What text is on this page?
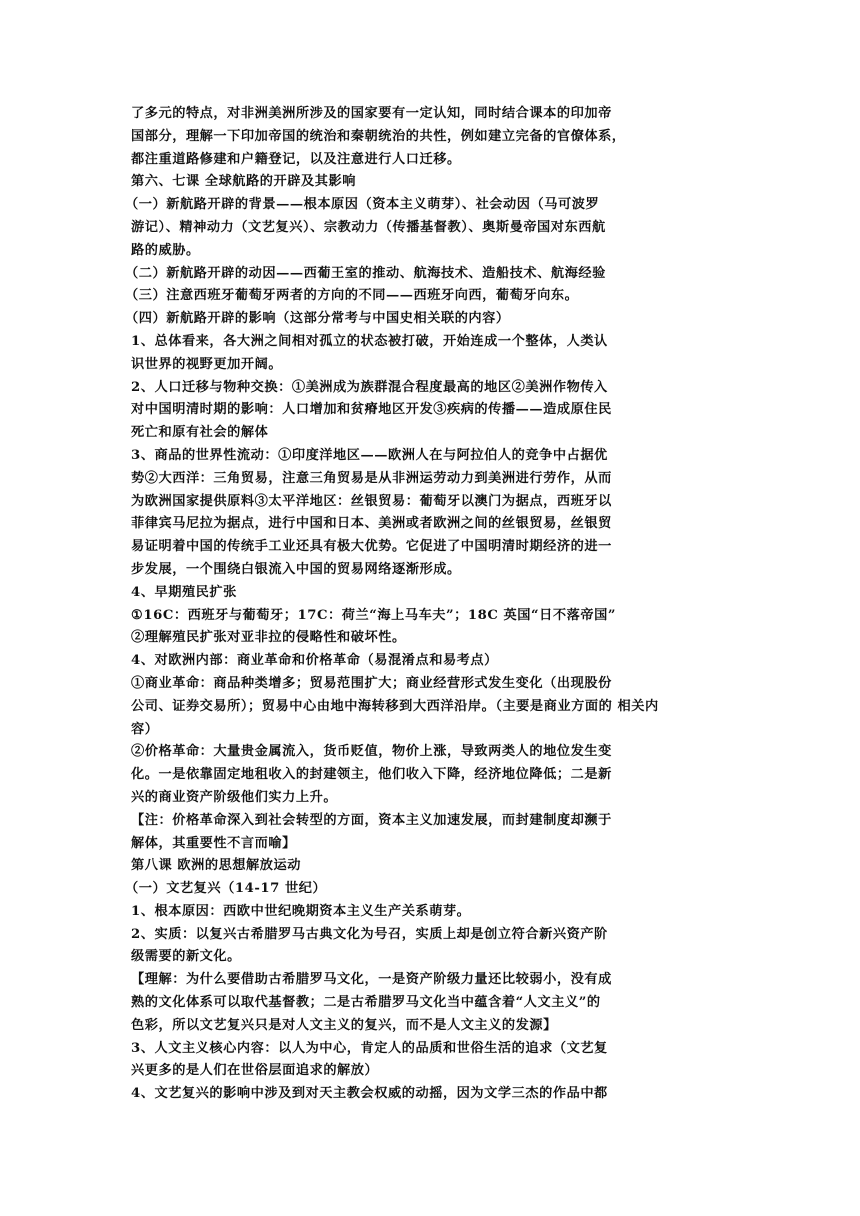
了多元的特点，对非洲美洲所涉及的国家要有一定认知，同时结合课本的印加帝
国部分，理解一下印加帝国的统治和秦朝统治的共性，例如建立完备的官僚体系，
都注重道路修建和户籍登记，以及注意进行人口迁移。
第六、七课 全球航路的开辟及其影响
（一）新航路开辟的背景——根本原因（资本主义萌芽）、社会动因（马可波罗
游记）、精神动力（文艺复兴）、宗教动力（传播基督教）、奥斯曼帝国对东西航
路的威胁。
（二）新航路开辟的动因——西葡王室的推动、航海技术、造船技术、航海经验
（三）注意西班牙葡萄牙两者的方向的不同——西班牙向西，葡萄牙向东。
（四）新航路开辟的影响（这部分常考与中国史相关联的内容）
1、总体看来，各大洲之间相对孤立的状态被打破，开始连成一个整体，人类认
识世界的视野更加开阔。
2、人口迁移与物种交换：①美洲成为族群混合程度最高的地区②美洲作物传入
对中国明清时期的影响：人口增加和贫瘠地区开发③疾病的传播——造成原住民
死亡和原有社会的解体
3、商品的世界性流动：①印度洋地区——欧洲人在与阿拉伯人的竞争中占据优
势②大西洋：三角贸易，注意三角贸易是从非洲运劳动力到美洲进行劳作，从而
为欧洲国家提供原料③太平洋地区：丝银贸易：葡萄牙以澳门为据点，西班牙以
菲律宾马尼拉为据点，进行中国和日本、美洲或者欧洲之间的丝银贸易，丝银贸
易证明着中国的传统手工业还具有极大优势。它促进了中国明清时期经济的进一
步发展，一个围绕白银流入中国的贸易网络逐渐形成。
4、早期殖民扩张
①16C：西班牙与葡萄牙；17C：荷兰“海上马车夫”；18C 英国“日不落帝国”
②理解殖民扩张对亚非拉的侵略性和破坏性。
4、对欧洲内部：商业革命和价格革命（易混淆点和易考点）
①商业革命：商品种类增多；贸易范围扩大；商业经营形式发生变化（出现股份
公司、证券交易所）；贸易中心由地中海转移到大西洋沿岸。（主要是商业方面的 相关内
容）
②价格革命：大量贵金属流入，货币贬值，物价上涨，导致两类人的地位发生变
化。一是依靠固定地租收入的封建领主，他们收入下降，经济地位降低；二是新
兴的商业资产阶级他们实力上升。
【注：价格革命深入到社会转型的方面，资本主义加速发展，而封建制度却濒于
解体，其重要性不言而喻】
第八课 欧洲的思想解放运动
（一）文艺复兴（14-17 世纪）
1、根本原因：西欧中世纪晚期资本主义生产关系萌芽。
2、实质：以复兴古希腊罗马古典文化为号召，实质上却是创立符合新兴资产阶
级需要的新文化。
【理解：为什么要借助古希腊罗马文化，一是资产阶级力量还比较弱小，没有成
熟的文化体系可以取代基督教；二是古希腊罗马文化当中蕴含着“人文主义”的
色彩，所以文艺复兴只是对人文主义的复兴，而不是人文主义的发源】
3、人文主义核心内容：以人为中心，肯定人的品质和世俗生活的追求（文艺复
兴更多的是人们在世俗层面追求的解放）
4、文艺复兴的影响中涉及到对天主教会权威的动摇，因为文学三杰的作品中都
